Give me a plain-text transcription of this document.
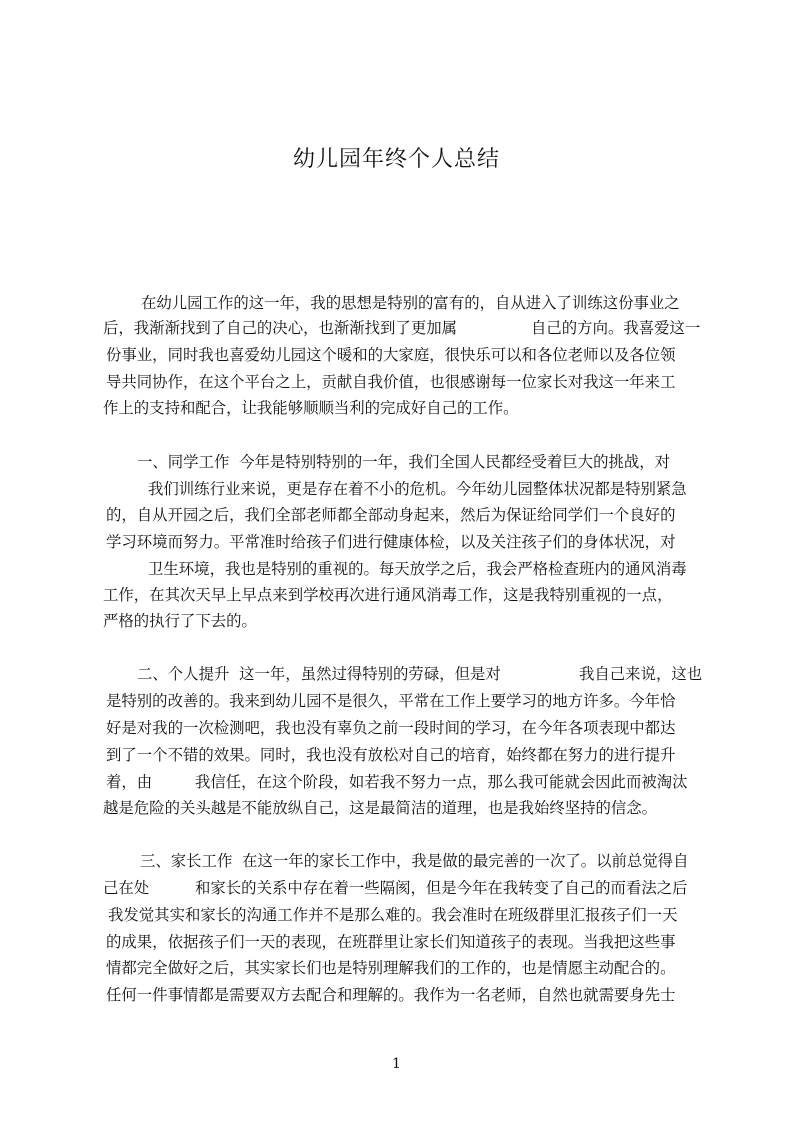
幼儿园年终个人总结
在幼儿园工作的这一年，我的思想是特别的富有的，自从进入了训练这份事业之
后，我渐渐找到了自己的决心，也渐渐找到了更加属	自己的方向。我喜爱这一
份事业，同时我也喜爱幼儿园这个暖和的大家庭，很快乐可以和各位老师以及各位领
导共同协作，在这个平台之上，贡献自我价值，也很感谢每一位家长对我这一年来工
作上的支持和配合，让我能够顺顺当利的完成好自己的工作。
一、同学工作  今年是特别特别的一年，我们全国人民都经受着巨大的挑战，对
我们训练行业来说，更是存在着不小的危机。今年幼儿园整体状况都是特别紧急
的，自从开园之后，我们全部老师都全部动身起来，然后为保证给同学们一个良好的
学习环境而努力。平常准时给孩子们进行健康体检，以及关注孩子们的身体状况，对
卫生环境，我也是特别的重视的。每天放学之后，我会严格检查班内的通风消毒
工作，在其次天早上早点来到学校再次进行通风消毒工作，这是我特别重视的一点，
严格的执行了下去的。
二、个人提升  这一年，虽然过得特别的劳碌，但是对	我自己来说，这也
是特别的改善的。我来到幼儿园不是很久，平常在工作上要学习的地方许多。今年恰
好是对我的一次检测吧，我也没有辜负之前一段时间的学习，在今年各项表现中都达
到了一个不错的效果。同时，我也没有放松对自己的培育，始终都在努力的进行提升
着，由	我信任，在这个阶段，如若我不努力一点，那么我可能就会因此而被淘汰
越是危险的关头越是不能放纵自己，这是最简洁的道理，也是我始终坚持的信念。
三、家长工作  在这一年的家长工作中，我是做的最完善的一次了。以前总觉得自
己在处	和家长的关系中存在着一些隔阂，但是今年在我转变了自己的而看法之后
我发觉其实和家长的沟通工作并不是那么难的。我会准时在班级群里汇报孩子们一天
的成果，依据孩子们一天的表现，在班群里让家长们知道孩子的表现。当我把这些事
情都完全做好之后，其实家长们也是特别理解我们的工作的，也是情愿主动配合的。
任何一件事情都是需要双方去配合和理解的。我作为一名老师，自然也就需要身先士
1
